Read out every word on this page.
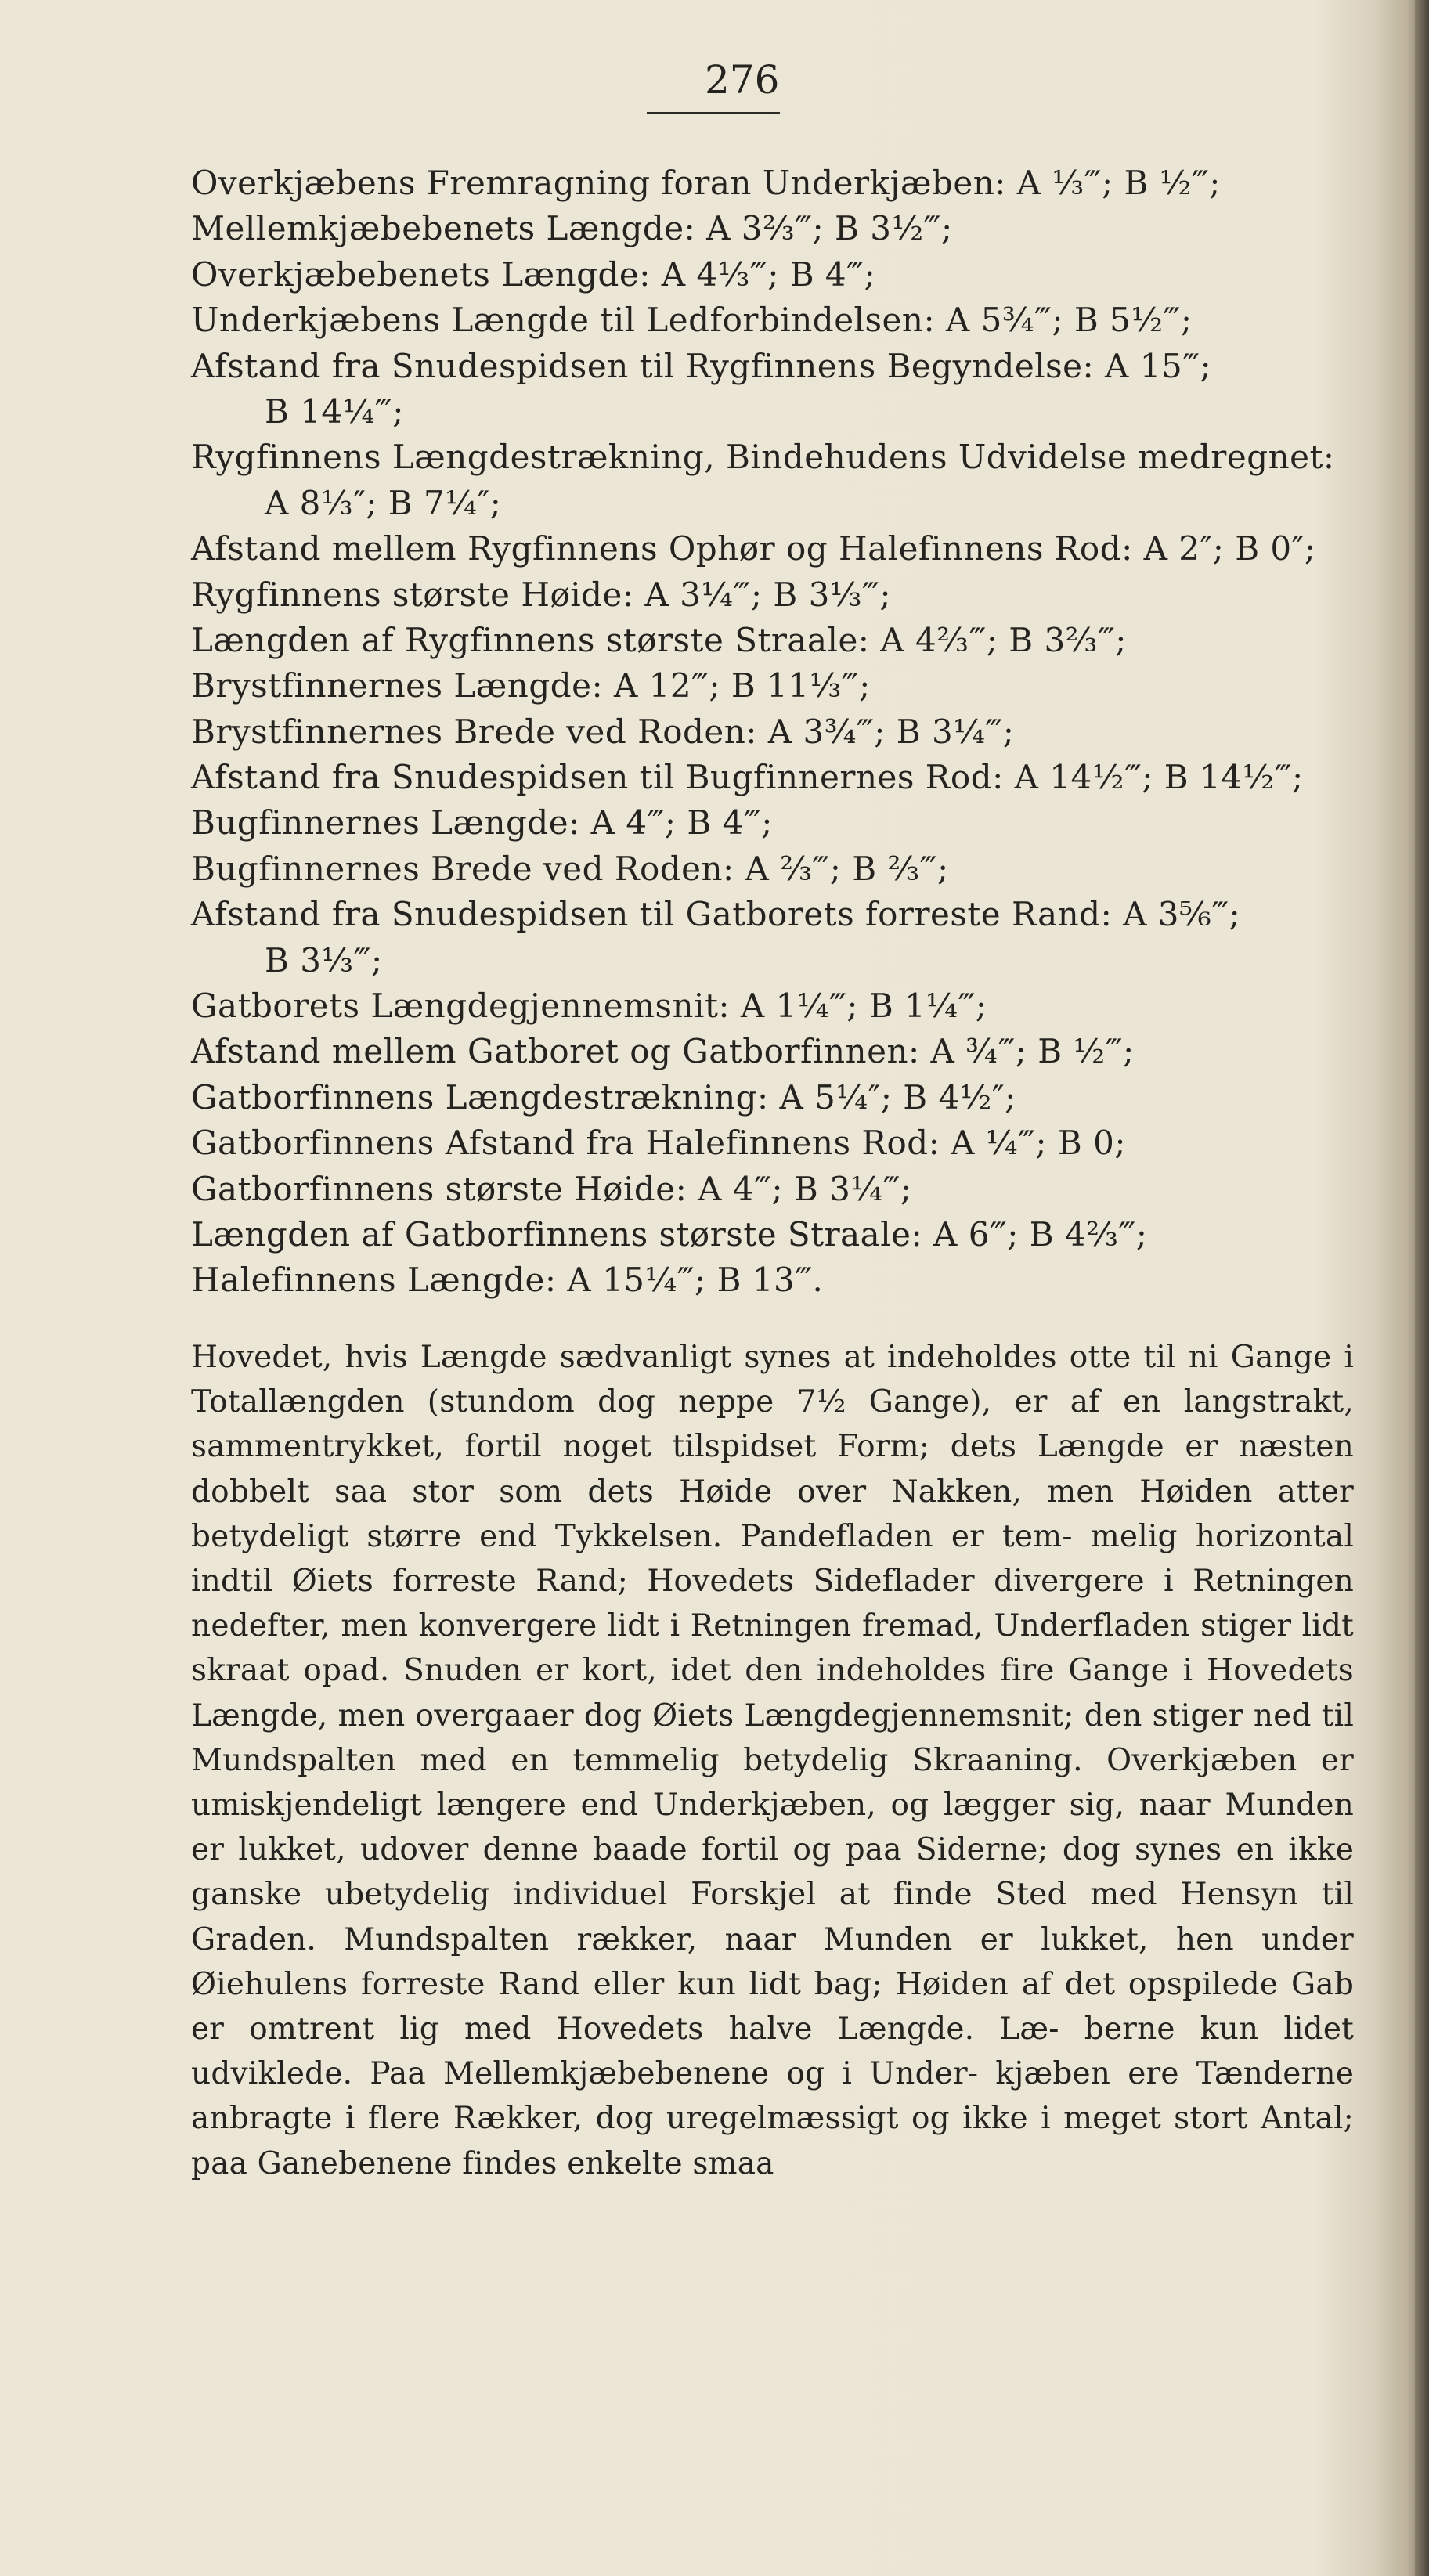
276
Overkjæbens Fremragning foran Underkjæben: A ⅓‴; B ½‴;
Mellemkjæbebenets Længde: A 3⅔‴; B 3½‴;
Overkjæbebenets Længde: A 4⅓‴; B 4‴;
Underkjæbens Længde til Ledforbindelsen: A 5¾‴; B 5½‴;
Afstand fra Snudespidsen til Rygfinnens Begyndelse: A 15‴;
B 14¼‴;
Rygfinnens Længdestrækning, Bindehudens Udvidelse medregnet:
A 8⅓″; B 7¼″;
Afstand mellem Rygfinnens Ophør og Halefinnens Rod: A 2″; B 0″;
Rygfinnens største Høide: A 3¼‴; B 3⅓‴;
Længden af Rygfinnens største Straale: A 4⅔‴; B 3⅔‴;
Brystfinnernes Længde: A 12‴; B 11⅓‴;
Brystfinnernes Brede ved Roden: A 3¾‴; B 3¼‴;
Afstand fra Snudespidsen til Bugfinnernes Rod: A 14½‴; B 14½‴;
Bugfinnernes Længde: A 4‴; B 4‴;
Bugfinnernes Brede ved Roden: A ⅔‴; B ⅔‴;
Afstand fra Snudespidsen til Gatborets forreste Rand: A 3⅚‴;
B 3⅓‴;
Gatborets Længdegjennemsnit: A 1¼‴; B 1¼‴;
Afstand mellem Gatboret og Gatborfinnen: A ¾‴; B ½‴;
Gatborfinnens Længdestrækning: A 5¼″; B 4½″;
Gatborfinnens Afstand fra Halefinnens Rod: A ¼‴; B 0;
Gatborfinnens største Høide: A 4‴; B 3¼‴;
Længden af Gatborfinnens største Straale: A 6‴; B 4⅔‴;
Halefinnens Længde: A 15¼‴; B 13‴.

Hovedet, hvis Længde sædvanligt synes at indeholdes otte til ni Gange i Totallængden (stundom dog neppe 7½ Gange), er af en langstrakt, sammentrykket, fortil noget tilspidset Form; dets Længde er næsten dobbelt saa stor som dets Høide over Nakken, men Høiden atter betydeligt større end Tykkelsen. Pandefladen er tem- melig horizontal indtil Øiets forreste Rand; Hovedets Sideflader divergere i Retningen nedefter, men konvergere lidt i Retningen fremad, Underfladen stiger lidt skraat opad. Snuden er kort, idet den indeholdes fire Gange i Hovedets Længde, men overgaaer dog Øiets Længdegjennemsnit; den stiger ned til Mundspalten med en temmelig betydelig Skraaning. Overkjæben er umiskjendeligt længere end Underkjæben, og lægger sig, naar Munden er lukket, udover denne baade fortil og paa Siderne; dog synes en ikke ganske ubetydelig individuel Forskjel at finde Sted med Hensyn til Graden. Mundspalten rækker, naar Munden er lukket, hen under Øiehulens forreste Rand eller kun lidt bag; Høiden af det opspilede Gab er omtrent lig med Hovedets halve Længde. Læ- berne kun lidet udviklede. Paa Mellemkjæbebenene og i Under- kjæben ere Tænderne anbragte i flere Rækker, dog uregelmæssigt og ikke i meget stort Antal; paa Ganebenene findes enkelte smaa
